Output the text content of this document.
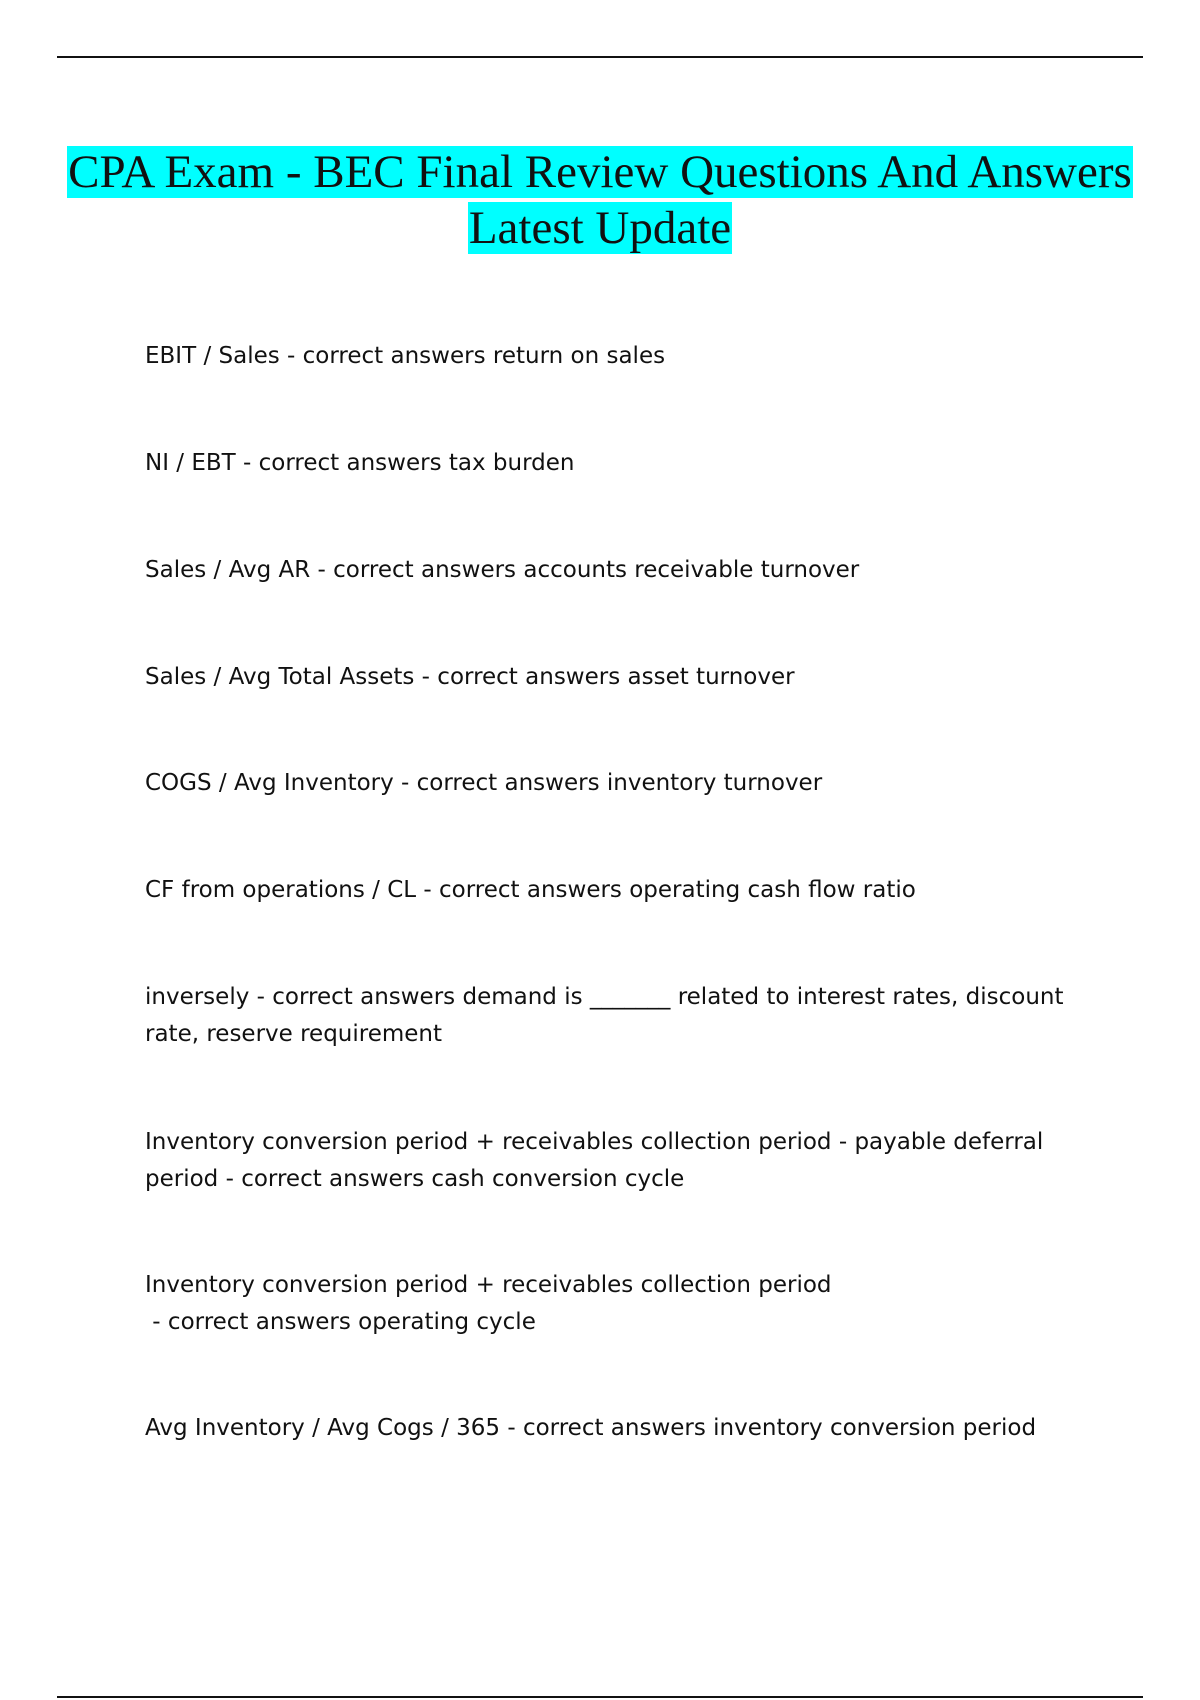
CPA Exam - BEC Final Review Questions And Answers Latest Update

EBIT / Sales - correct answers return on sales

NI / EBT - correct answers tax burden

Sales / Avg AR - correct answers accounts receivable turnover

Sales / Avg Total Assets - correct answers asset turnover

COGS / Avg Inventory - correct answers inventory turnover

CF from operations / CL - correct answers operating cash flow ratio

inversely - correct answers demand is _______ related to interest rates, discount rate, reserve requirement

Inventory conversion period + receivables collection period - payable deferral period - correct answers cash conversion cycle

Inventory conversion period + receivables collection period - correct answers operating cycle

Avg Inventory / Avg Cogs / 365 - correct answers inventory conversion period
